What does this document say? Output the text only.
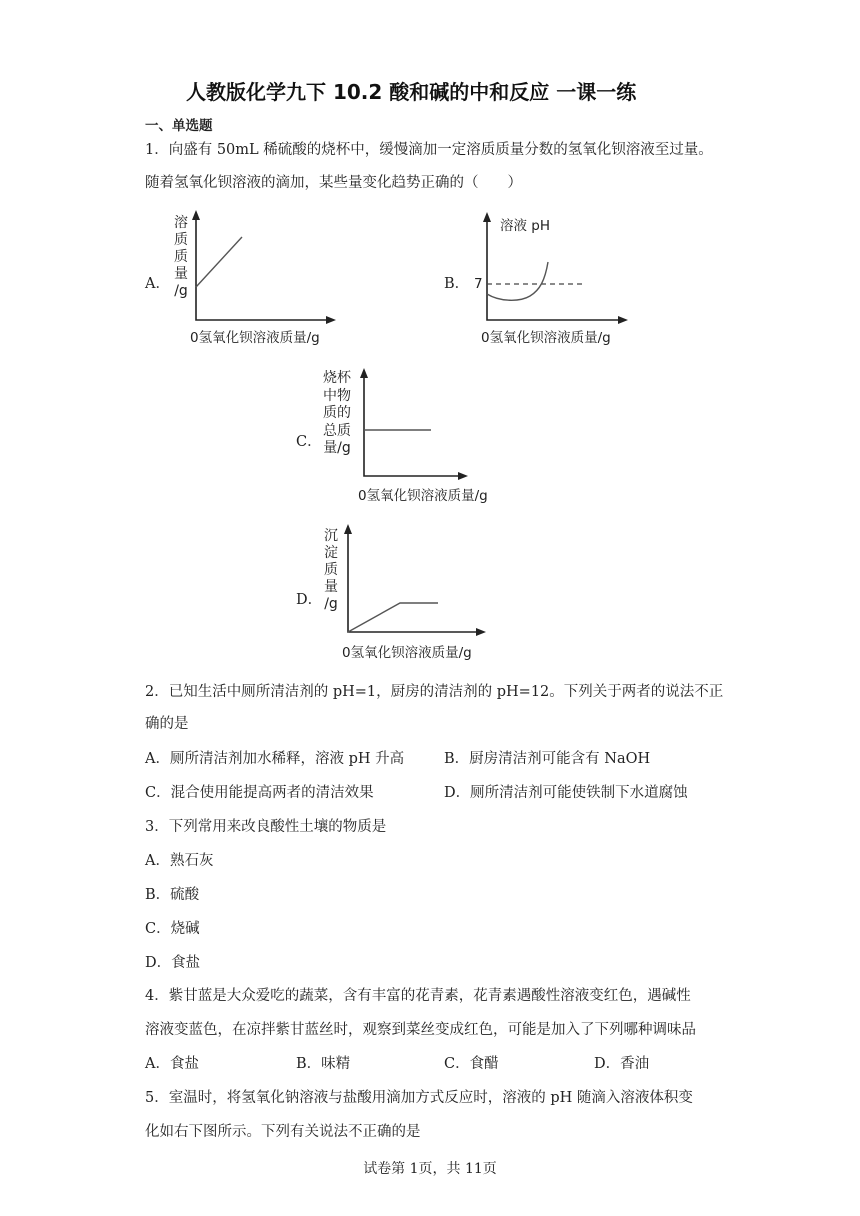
人教版化学九下 10.2 酸和碱的中和反应 一课一练
一、单选题
1．向盛有 50mL 稀硫酸的烧杯中，缓慢滴加一定溶质质量分数的氢氧化钡溶液至过量。
随着氢氧化钡溶液的滴加，某些量变化趋势正确的（　　）
A．
溶
质
质
量
/g
0氢氧化钡溶液质量/g
B．
溶液 pH
7
0氢氧化钡溶液质量/g
C．
烧杯
中物
质的
总质
量/g
0氢氧化钡溶液质量/g
D．
沉
淀
质
量
/g
0氢氧化钡溶液质量/g
2．已知生活中厕所清洁剂的 pH=1，厨房的清洁剂的 pH=12。下列关于两者的说法不正
确的是
A．厕所清洁剂加水稀释，溶液 pH 升高	B．厨房清洁剂可能含有 NaOH
C．混合使用能提高两者的清洁效果	D．厕所清洁剂可能使铁制下水道腐蚀
3．下列常用来改良酸性土壤的物质是
A．熟石灰
B．硫酸
C．烧碱
D．食盐
4．紫甘蓝是大众爱吃的蔬菜，含有丰富的花青素，花青素遇酸性溶液变红色，遇碱性
溶液变蓝色，在凉拌紫甘蓝丝时，观察到菜丝变成红色，可能是加入了下列哪种调味品
A．食盐	B．味精	C．食醋	D．香油
5．室温时，将氢氧化钠溶液与盐酸用滴加方式反应时，溶液的 pH 随滴入溶液体积变
化如右下图所示。下列有关说法不正确的是
试卷第 1页，共 11页
